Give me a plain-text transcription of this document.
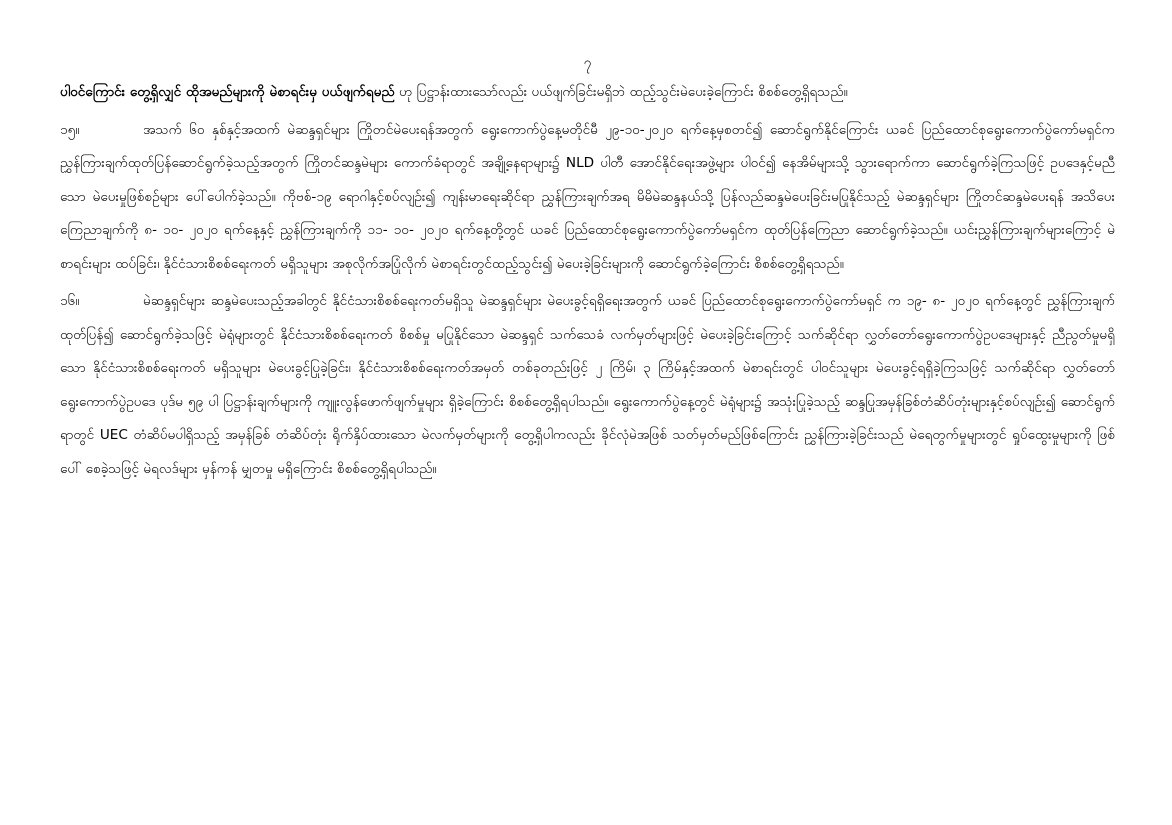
၇

ပါဝင်ကြောင်း တွေ့ရှိလျှင် ထိုအမည်များကို မဲစာရင်းမှ ပယ်ဖျက်ရမည် ဟု ပြဋ္ဌာန်းထားသော်လည်း ပယ်ဖျက်ခြင်းမရှိဘဲ ထည့်သွင်းမဲပေးခဲ့ကြောင်း စိစစ်တွေ့ရှိရသည်။

၁၅။	အသက် ၆၀ နှစ်နှင့်အထက် မဲဆန္ဒရှင်များ ကြိုတင်မဲပေးရန်အတွက် ရွေးကောက်ပွဲနေ့မတိုင်မီ ၂၉-၁၀-၂၀၂၀ ရက်နေ့မှစတင်၍ ဆောင်ရွက်နိုင်ကြောင်း ယခင် ပြည်ထောင်စုရွေးကောက်ပွဲကော်မရှင်က ညွှန်ကြားချက်ထုတ်ပြန်ဆောင်ရွက်ခဲ့သည့်အတွက် ကြိုတင်ဆန္ဒမဲများ ကောက်ခံရာတွင် အချို့နေရာများ၌ NLD ပါတီ အောင်နိုင်ရေးအဖွဲ့များ ပါဝင်၍ နေအိမ်များသို့ သွားရောက်ကာ ဆောင်ရွက်ခဲ့ကြသဖြင့် ဥပဒေနှင့်မညီသော မဲပေးမှုဖြစ်စဉ်များ ပေါ်ပေါက်ခဲ့သည်။ ကိုဗစ်-၁၉ ရောဂါနှင့်စပ်လျဉ်း၍ ကျန်းမာရေးဆိုင်ရာ ညွှန်ကြားချက်အရ မိမိမဲဆန္ဒနယ်သို့ ပြန်လည်ဆန္ဒမဲပေးခြင်းမပြုနိုင်သည့် မဲဆန္ဒရှင်များ ကြိုတင်ဆန္ဒမဲပေးရန် အသိပေးကြေညာချက်ကို ၈- ၁၀- ၂၀၂၀ ရက်နေ့နှင့် ညွှန်ကြားချက်ကို ၁၁- ၁၀- ၂၀၂၀ ရက်နေ့တို့တွင် ယခင် ပြည်ထောင်စုရွေးကောက်ပွဲကော်မရှင်က ထုတ်ပြန်ကြေညာ ဆောင်ရွက်ခဲ့သည်။ ယင်းညွှန်ကြားချက်များကြောင့် မဲစာရင်းများ ထပ်ခြင်း၊ နိုင်ငံသားစိစစ်ရေးကတ် မရှိသူများ အစုလိုက်အပြုံလိုက် မဲစာရင်းတွင်ထည့်သွင်း၍ မဲပေးခဲ့ခြင်းများကို ဆောင်ရွက်ခဲ့ကြောင်း စိစစ်တွေ့ရှိရသည်။

၁၆။	မဲဆန္ဒရှင်များ ဆန္ဒမဲပေးသည့်အခါတွင် နိုင်ငံသားစိစစ်ရေးကတ်မရှိသူ မဲဆန္ဒရှင်များ မဲပေးခွင့်ရရှိရေးအတွက် ယခင် ပြည်ထောင်စုရွေးကောက်ပွဲကော်မရှင် က ၁၉- ၈- ၂၀၂၀ ရက်နေ့တွင် ညွှန်ကြားချက်ထုတ်ပြန်၍ ဆောင်ရွက်ခဲ့သဖြင့် မဲရုံများတွင် နိုင်ငံသားစိစစ်ရေးကတ် စိစစ်မှု မပြုနိုင်သော မဲဆန္ဒရှင် သက်သေခံ လက်မှတ်များဖြင့် မဲပေးခဲ့ခြင်းကြောင့် သက်ဆိုင်ရာ လွှတ်တော်ရွေးကောက်ပွဲဥပဒေများနှင့် ညီညွတ်မှုမရှိသော နိုင်ငံသားစိစစ်ရေးကတ် မရှိသူများ မဲပေးခွင့်ပြုခဲ့ခြင်း၊ နိုင်ငံသားစိစစ်ရေးကတ်အမှတ် တစ်ခုတည်းဖြင့် ၂ ကြိမ်၊ ၃ ကြိမ်နှင့်အထက် မဲစာရင်းတွင် ပါဝင်သူများ မဲပေးခွင့်ရရှိခဲ့ကြသဖြင့် သက်ဆိုင်ရာ လွှတ်တော်ရွေးကောက်ပွဲဥပဒေ ပုဒ်မ ၅၉ ပါ ပြဋ္ဌာန်းချက်များကို ကျူးလွန်ဖောက်ဖျက်မှုများ ရှိခဲ့ကြောင်း စိစစ်တွေ့ရှိရပါသည်။ ရွေးကောက်ပွဲနေ့တွင် မဲရုံများ၌ အသုံးပြုခဲ့သည့် ဆန္ဒပြုအမှန်ခြစ်တံဆိပ်တုံးများနှင့်စပ်လျဉ်း၍ ဆောင်ရွက်ရာတွင် UEC တံဆိပ်မပါရှိသည့် အမှန်ခြစ် တံဆိပ်တုံး ရိုက်နှိပ်ထားသော မဲလက်မှတ်များကို တွေ့ရှိပါကလည်း ခိုင်လုံမဲအဖြစ် သတ်မှတ်မည်ဖြစ်ကြောင်း ညွှန်ကြားခဲ့ခြင်းသည် မဲရေတွက်မှုများတွင် ရှုပ်ထွေးမှုများကို ဖြစ်ပေါ် စေခဲ့သဖြင့် မဲရလဒ်များ မှန်ကန် မျှတမှု မရှိကြောင်း စိစစ်တွေ့ရှိရပါသည်။
